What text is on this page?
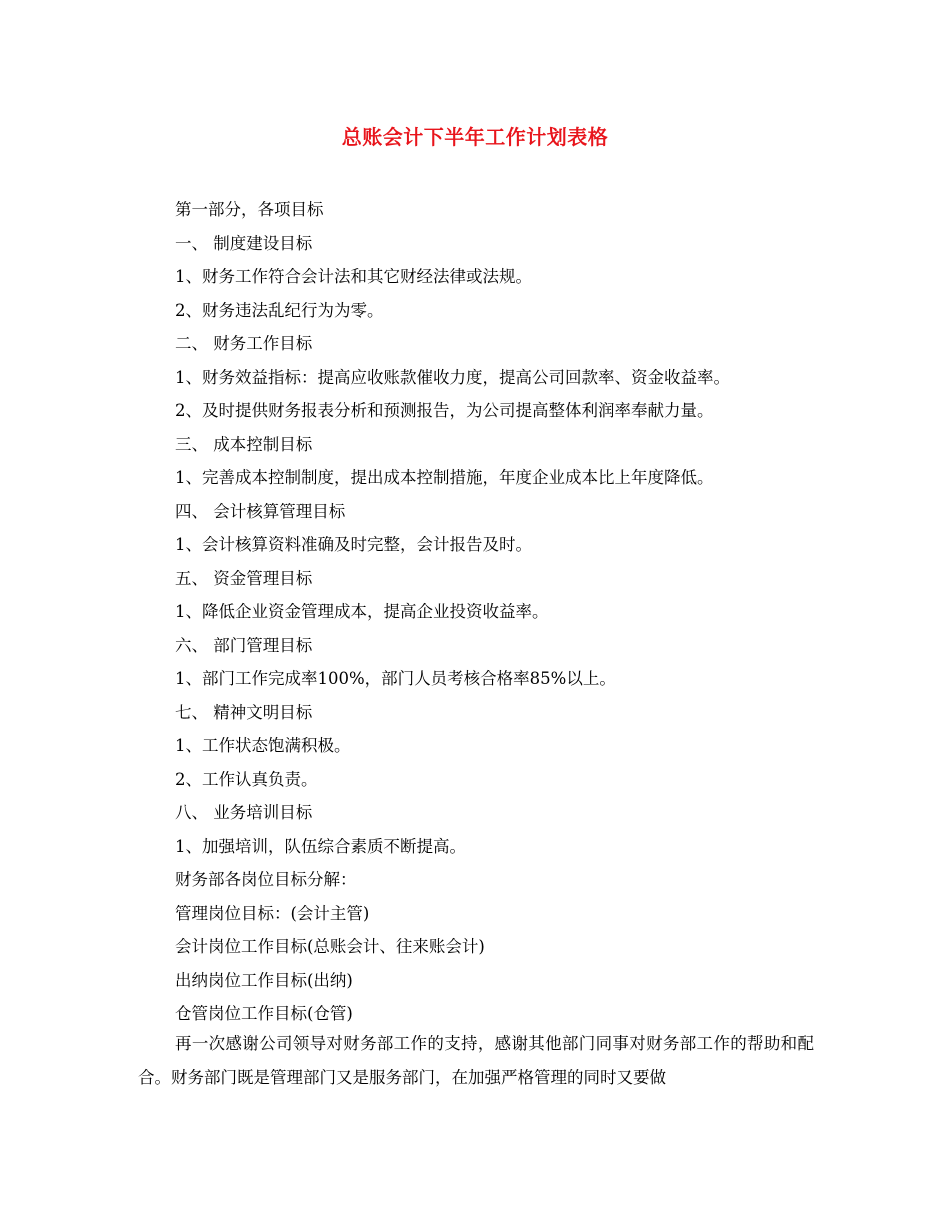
总账会计下半年工作计划表格
第一部分，各项目标
一、 制度建设目标
1、财务工作符合会计法和其它财经法律或法规。
2、财务违法乱纪行为为零。
二、 财务工作目标
1、财务效益指标：提高应收账款催收力度，提高公司回款率、资金收益率。
2、及时提供财务报表分析和预测报告，为公司提高整体利润率奉献力量。
三、 成本控制目标
1、完善成本控制制度，提出成本控制措施，年度企业成本比上年度降低。
四、 会计核算管理目标
1、会计核算资料准确及时完整，会计报告及时。
五、 资金管理目标
1、降低企业资金管理成本，提高企业投资收益率。
六、 部门管理目标
1、部门工作完成率100%，部门人员考核合格率85%以上。
七、 精神文明目标
1、工作状态饱满积极。
2、工作认真负责。
八、 业务培训目标
1、加强培训，队伍综合素质不断提高。
财务部各岗位目标分解：
管理岗位目标：(会计主管)
会计岗位工作目标(总账会计、往来账会计)
出纳岗位工作目标(出纳)
仓管岗位工作目标(仓管)
再一次感谢公司领导对财务部工作的支持，感谢其他部门同事对财务部工作的帮助和配合。财务部门既是管理部门又是服务部门，在加强严格管理的同时又要做
